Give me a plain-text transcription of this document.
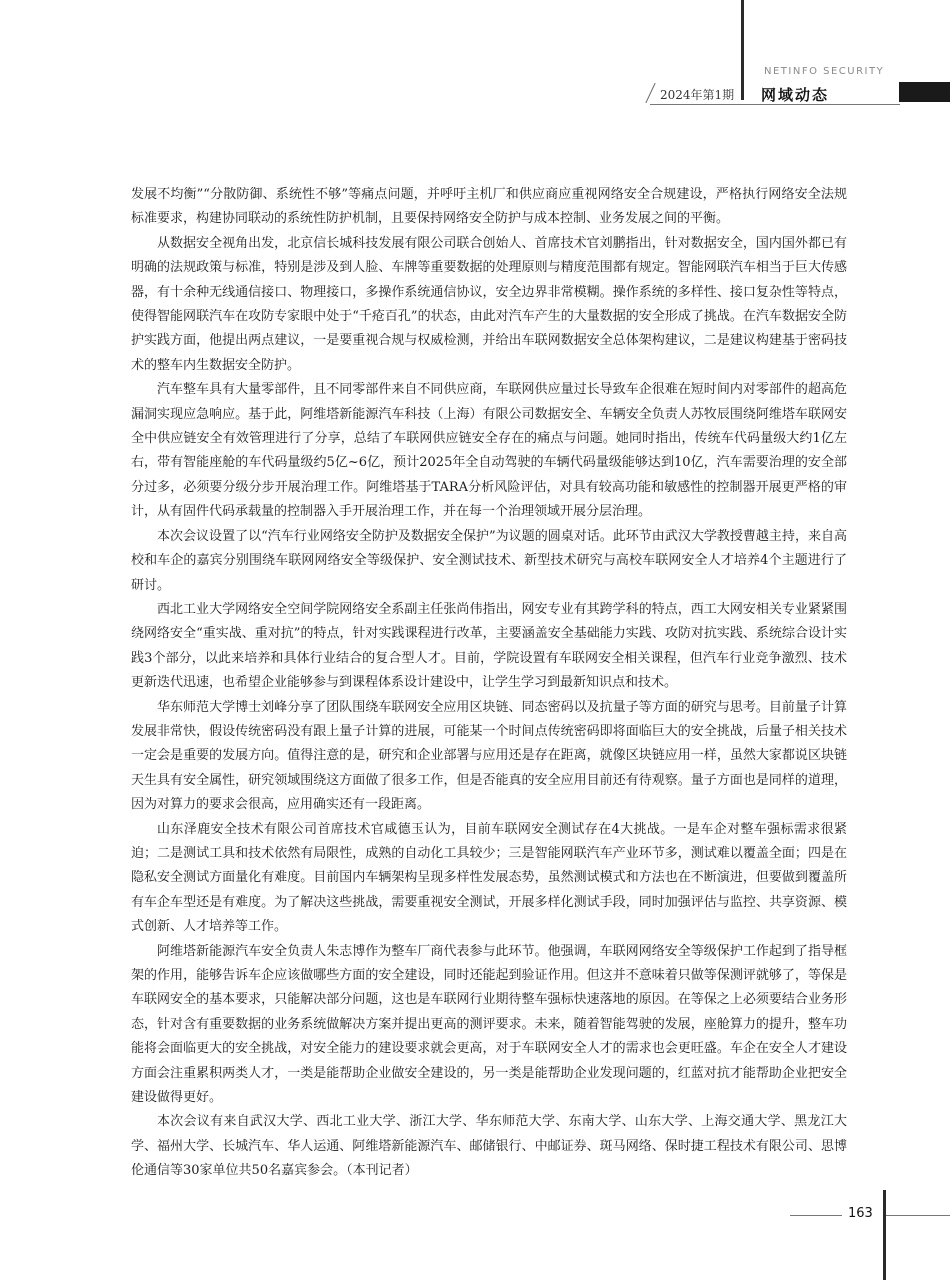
NETINFO SECURITY
2024年第1期 网域动态

发展不均衡”“分散防御、系统性不够”等痛点问题，并呼吁主机厂和供应商应重视网络安全合规建设，严格执行网络安全法规标准要求，构建协同联动的系统性防护机制，且要保持网络安全防护与成本控制、业务发展之间的平衡。

从数据安全视角出发，北京信长城科技发展有限公司联合创始人、首席技术官刘鹏指出，针对数据安全，国内国外都已有明确的法规政策与标准，特别是涉及到人脸、车牌等重要数据的处理原则与精度范围都有规定。智能网联汽车相当于巨大传感器，有十余种无线通信接口、物理接口，多操作系统通信协议，安全边界非常模糊。操作系统的多样性、接口复杂性等特点，使得智能网联汽车在攻防专家眼中处于“千疮百孔”的状态，由此对汽车产生的大量数据的安全形成了挑战。在汽车数据安全防护实践方面，他提出两点建议，一是要重视合规与权威检测，并给出车联网数据安全总体架构建议，二是建议构建基于密码技术的整车内生数据安全防护。

汽车整车具有大量零部件，且不同零部件来自不同供应商，车联网供应量过长导致车企很难在短时间内对零部件的超高危漏洞实现应急响应。基于此，阿维塔新能源汽车科技（上海）有限公司数据安全、车辆安全负责人苏牧辰围绕阿维塔车联网安全中供应链安全有效管理进行了分享，总结了车联网供应链安全存在的痛点与问题。她同时指出，传统车代码量级大约1亿左右，带有智能座舱的车代码量级约5亿~6亿，预计2025年全自动驾驶的车辆代码量级能够达到10亿，汽车需要治理的安全部分过多，必须要分级分步开展治理工作。阿维塔基于TARA分析风险评估，对具有较高功能和敏感性的控制器开展更严格的审计，从有固件代码承载量的控制器入手开展治理工作，并在每一个治理领域开展分层治理。

本次会议设置了以“汽车行业网络安全防护及数据安全保护”为议题的圆桌对话。此环节由武汉大学教授曹越主持，来自高校和车企的嘉宾分别围绕车联网网络安全等级保护、安全测试技术、新型技术研究与高校车联网安全人才培养4个主题进行了研讨。

西北工业大学网络安全空间学院网络安全系副主任张尚伟指出，网安专业有其跨学科的特点，西工大网安相关专业紧紧围绕网络安全“重实战、重对抗”的特点，针对实践课程进行改革，主要涵盖安全基础能力实践、攻防对抗实践、系统综合设计实践3个部分，以此来培养和具体行业结合的复合型人才。目前，学院设置有车联网安全相关课程，但汽车行业竞争激烈、技术更新迭代迅速，也希望企业能够参与到课程体系设计建设中，让学生学习到最新知识点和技术。

华东师范大学博士刘峰分享了团队围绕车联网安全应用区块链、同态密码以及抗量子等方面的研究与思考。目前量子计算发展非常快，假设传统密码没有跟上量子计算的进展，可能某一个时间点传统密码即将面临巨大的安全挑战，后量子相关技术一定会是重要的发展方向。值得注意的是，研究和企业部署与应用还是存在距离，就像区块链应用一样，虽然大家都说区块链天生具有安全属性，研究领域围绕这方面做了很多工作，但是否能真的安全应用目前还有待观察。量子方面也是同样的道理，因为对算力的要求会很高，应用确实还有一段距离。

山东泽鹿安全技术有限公司首席技术官咸德玉认为，目前车联网安全测试存在4大挑战。一是车企对整车强标需求很紧迫；二是测试工具和技术依然有局限性，成熟的自动化工具较少；三是智能网联汽车产业环节多，测试难以覆盖全面；四是在隐私安全测试方面量化有难度。目前国内车辆架构呈现多样性发展态势，虽然测试模式和方法也在不断演进，但要做到覆盖所有车企车型还是有难度。为了解决这些挑战，需要重视安全测试，开展多样化测试手段，同时加强评估与监控、共享资源、模式创新、人才培养等工作。

阿维塔新能源汽车安全负责人朱志博作为整车厂商代表参与此环节。他强调，车联网网络安全等级保护工作起到了指导框架的作用，能够告诉车企应该做哪些方面的安全建设，同时还能起到验证作用。但这并不意味着只做等保测评就够了，等保是车联网安全的基本要求，只能解决部分问题，这也是车联网行业期待整车强标快速落地的原因。在等保之上必须要结合业务形态，针对含有重要数据的业务系统做解决方案并提出更高的测评要求。未来，随着智能驾驶的发展，座舱算力的提升，整车功能将会面临更大的安全挑战，对安全能力的建设要求就会更高，对于车联网安全人才的需求也会更旺盛。车企在安全人才建设方面会注重累积两类人才，一类是能帮助企业做安全建设的，另一类是能帮助企业发现问题的，红蓝对抗才能帮助企业把安全建设做得更好。

本次会议有来自武汉大学、西北工业大学、浙江大学、华东师范大学、东南大学、山东大学、上海交通大学、黑龙江大学、福州大学、长城汽车、华人运通、阿维塔新能源汽车、邮储银行、中邮证券、斑马网络、保时捷工程技术有限公司、思博伦通信等30家单位共50名嘉宾参会。（本刊记者）

163
